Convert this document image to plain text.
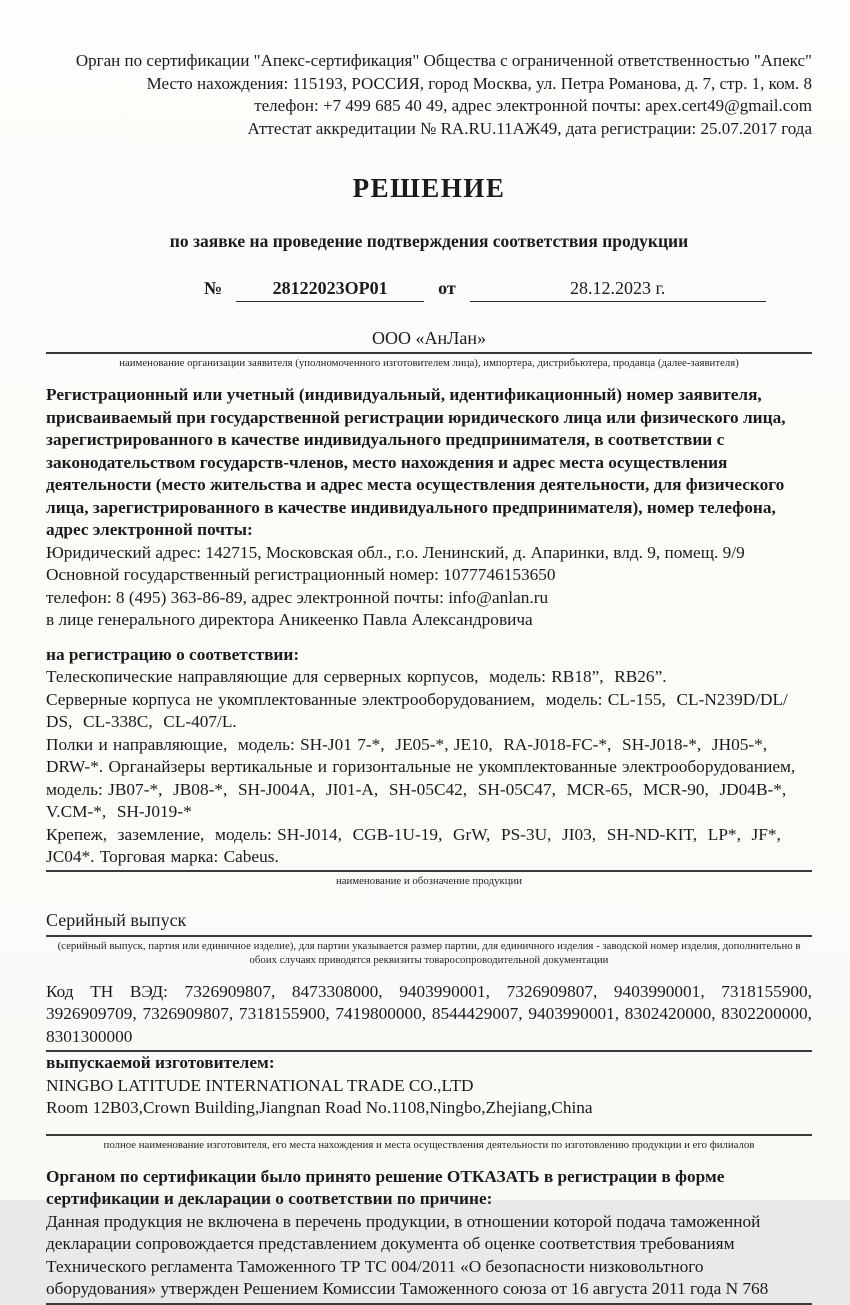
Орган по сертификации "Апекс-сертификация" Общества с ограниченной ответственностью "Апекс"
Место нахождения: 115193, РОССИЯ, город Москва, ул. Петра Романова, д. 7, стр. 1, ком. 8
телефон: +7 499 685 40 49, адрес электронной почты: apex.cert49@gmail.com
Аттестат аккредитации № RA.RU.11АЖ49, дата регистрации: 25.07.2017 года
РЕШЕНИЕ
по заявке на проведение подтверждения соответствия продукции
№	28122023ОР01	от	28.12.2023 г.
ООО «АнЛан»
наименование организации заявителя (уполномоченного изготовителем лица), импортера, дистрибьютера, продавца (далее-заявителя)

Регистрационный или учетный (индивидуальный, идентификационный) номер заявителя, присваиваемый при государственной регистрации юридического лица или физического лица, зарегистрированного в качестве индивидуального предпринимателя, в соответствии с законодательством государств-членов, место нахождения и адрес места осуществления деятельности (место жительства и адрес места осуществления деятельности, для физического лица, зарегистрированного в качестве индивидуального предпринимателя), номер телефона, адрес электронной почты:

Юридический адрес: 142715, Московская обл., г.о. Ленинский, д. Апаринки, влд. 9, помещ. 9/9
Основной государственный регистрационный номер: 1077746153650
телефон: 8 (495) 363-86-89, адрес электронной почты: info@anlan.ru
в лице генерального директора Аникеенко Павла Александровича

на регистрацию о соответствии:

Телескопические направляющие для серверных корпусов,  модель: RB18”,  RB26”.

Серверные корпуса не укомплектованные электрооборудованием,  модель: CL-155,  CL-N239D/DL/ DS,  CL-338C,  CL-407/L.

Полки и направляющие,  модель: SH-J01 7-*,  JE05-*, JE10,  RA-J018-FC-*,  SH-J018-*,  JH05-*,  DRW-*. Органайзеры вертикальные и горизонтальные не укомплектованные электрооборудованием, модель: JB07-*,  JB08-*,  SH-J004A,  JI01-A,  SH-05C42,  SH-05C47,  MCR-65,  MCR-90,  JD04B-*, V.CM-*,  SH-J019-*

Крепеж,  заземление,  модель: SH-J014,  CGB-1U-19,  GrW,  PS-3U,  JI03,  SH-ND-KIT,  LP*,  JF*, JC04*. Торговая марка: Cabeus.

наименование и обозначение продукции
Серийный выпуск
(серийный выпуск, партия или единичное изделие), для партии указывается размер партии, для единичного изделия - заводской номер изделия, дополнительно в обоих случаях приводятся реквизиты товаросопроводительной документации

Код ТН ВЭД: 7326909807, 8473308000, 9403990001, 7326909807, 9403990001, 7318155900, 3926909709, 7326909807, 7318155900, 7419800000, 8544429007, 9403990001, 8302420000, 8302200000, 8301300000

выпускаемой изготовителем:

NINGBO LATITUDE INTERNATIONAL TRADE CO.,LTD
Room 12B03,Crown Building,Jiangnan Road No.1108,Ningbo,Zhejiang,China
полное наименование изготовителя, его места нахождения и места осуществления деятельности по изготовлению продукции и его филиалов

Органом по сертификации было принято решение ОТКАЗАТЬ в регистрации в форме сертификации и декларации о соответствии по причине:

Данная продукция не включена в перечень продукции, в отношении которой подача таможенной декларации сопровождается представлением документа об оценке соответствия требованиям Технического регламента Таможенного ТР ТС 004/2011 «О безопасности низковольтного оборудования» утвержден Решением Комиссии Таможенного союза от 16 августа 2011 года N 768
